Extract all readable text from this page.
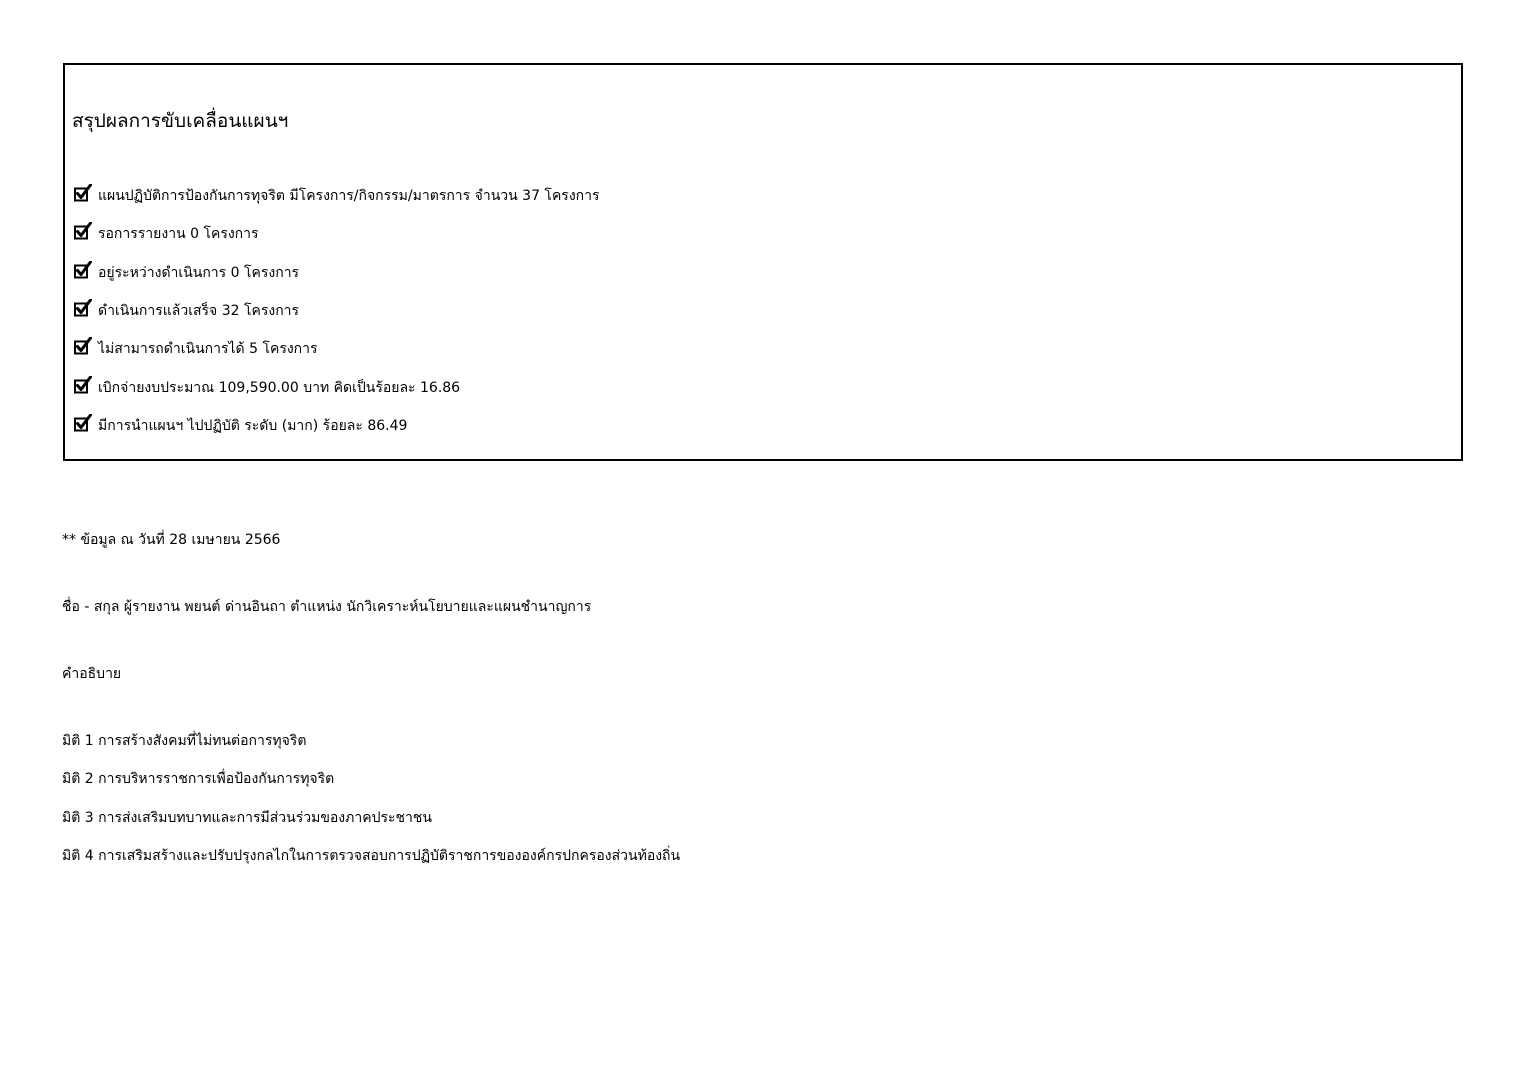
สรุปผลการขับเคลื่อนแผนฯ
แผนปฏิบัติการป้องกันการทุจริต มีโครงการ/กิจกรรม/มาตรการ จำนวน 37 โครงการ
รอการรายงาน 0 โครงการ
อยู่ระหว่างดำเนินการ 0 โครงการ
ดำเนินการแล้วเสร็จ 32 โครงการ
ไม่สามารถดำเนินการได้ 5 โครงการ
เบิกจ่ายงบประมาณ 109,590.00 บาท คิดเป็นร้อยละ 16.86
มีการนำแผนฯ ไปปฏิบัติ ระดับ (มาก) ร้อยละ 86.49
** ข้อมูล ณ วันที่ 28 เมษายน 2566
ชื่อ - สกุล ผู้รายงาน พยนต์ ด่านอินถา ตำแหน่ง นักวิเคราะห์นโยบายและแผนชำนาญการ
คำอธิบาย
มิติ 1 การสร้างสังคมที่ไม่ทนต่อการทุจริต
มิติ 2 การบริหารราชการเพื่อป้องกันการทุจริต
มิติ 3 การส่งเสริมบทบาทและการมีส่วนร่วมของภาคประชาชน
มิติ 4 การเสริมสร้างและปรับปรุงกลไกในการตรวจสอบการปฏิบัติราชการขององค์กรปกครองส่วนท้องถิ่น
